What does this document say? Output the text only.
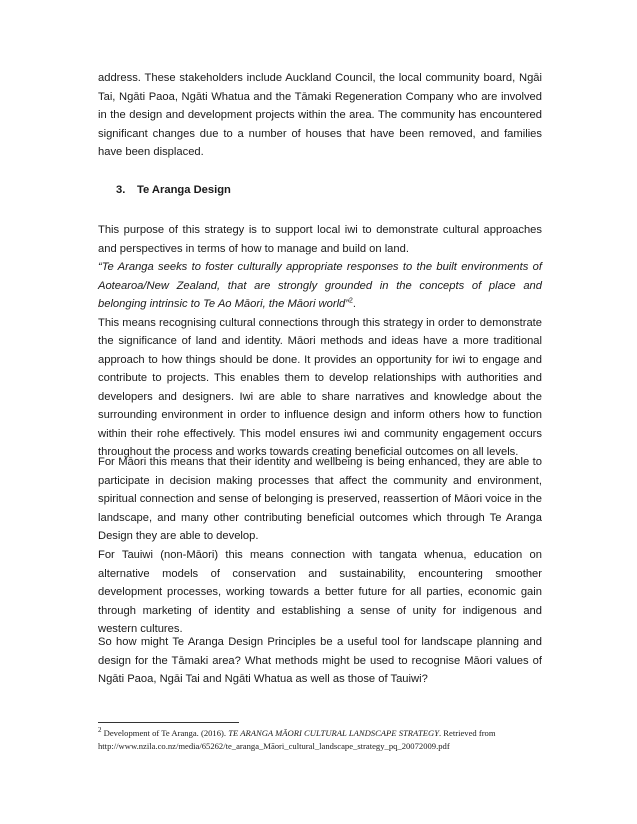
address. These stakeholders include Auckland Council, the local community board, Ngāi Tai, Ngāti Paoa, Ngāti Whatua and the Tāmaki Regeneration Company who are involved in the design and development projects within the area. The community has encountered significant changes due to a number of houses that have been removed, and families have been displaced.

3. Te Aranga Design

This purpose of this strategy is to support local iwi to demonstrate cultural approaches and perspectives in terms of how to manage and build on land.
“Te Aranga seeks to foster culturally appropriate responses to the built environments of Aotearoa/New Zealand, that are strongly grounded in the concepts of place and belonging intrinsic to Te Ao Māori, the Māori world”$^2$.
This means recognising cultural connections through this strategy in order to demonstrate the significance of land and identity. Māori methods and ideas have a more traditional approach to how things should be done. It provides an opportunity for iwi to engage and contribute to projects. This enables them to develop relationships with authorities and developers and designers. Iwi are able to share narratives and knowledge about the surrounding environment in order to influence design and inform others how to function within their rohe effectively. This model ensures iwi and community engagement occurs throughout the process and works towards creating beneficial outcomes on all levels.

For Māori this means that their identity and wellbeing is being enhanced, they are able to participate in decision making processes that affect the community and environment, spiritual connection and sense of belonging is preserved, reassertion of Māori voice in the landscape, and many other contributing beneficial outcomes which through Te Aranga Design they are able to develop.

For Tauiwi (non-Māori) this means connection with tangata whenua, education on alternative models of conservation and sustainability, encountering smoother development processes, working towards a better future for all parties, economic gain through marketing of identity and establishing a sense of unity for indigenous and western cultures.

So how might Te Aranga Design Principles be a useful tool for landscape planning and design for the Tāmaki area? What methods might be used to recognise Māori values of Ngāti Paoa, Ngāi Tai and Ngāti Whatua as well as those of Tauiwi?

$^2$ Development of Te Aranga. (2016). TE ARANGA MĀORI CULTURAL LANDSCAPE STRATEGY. Retrieved from http://www.nzila.co.nz/media/65262/te_aranga_Māori_cultural_landscape_strategy_pq_20072009.pdf
